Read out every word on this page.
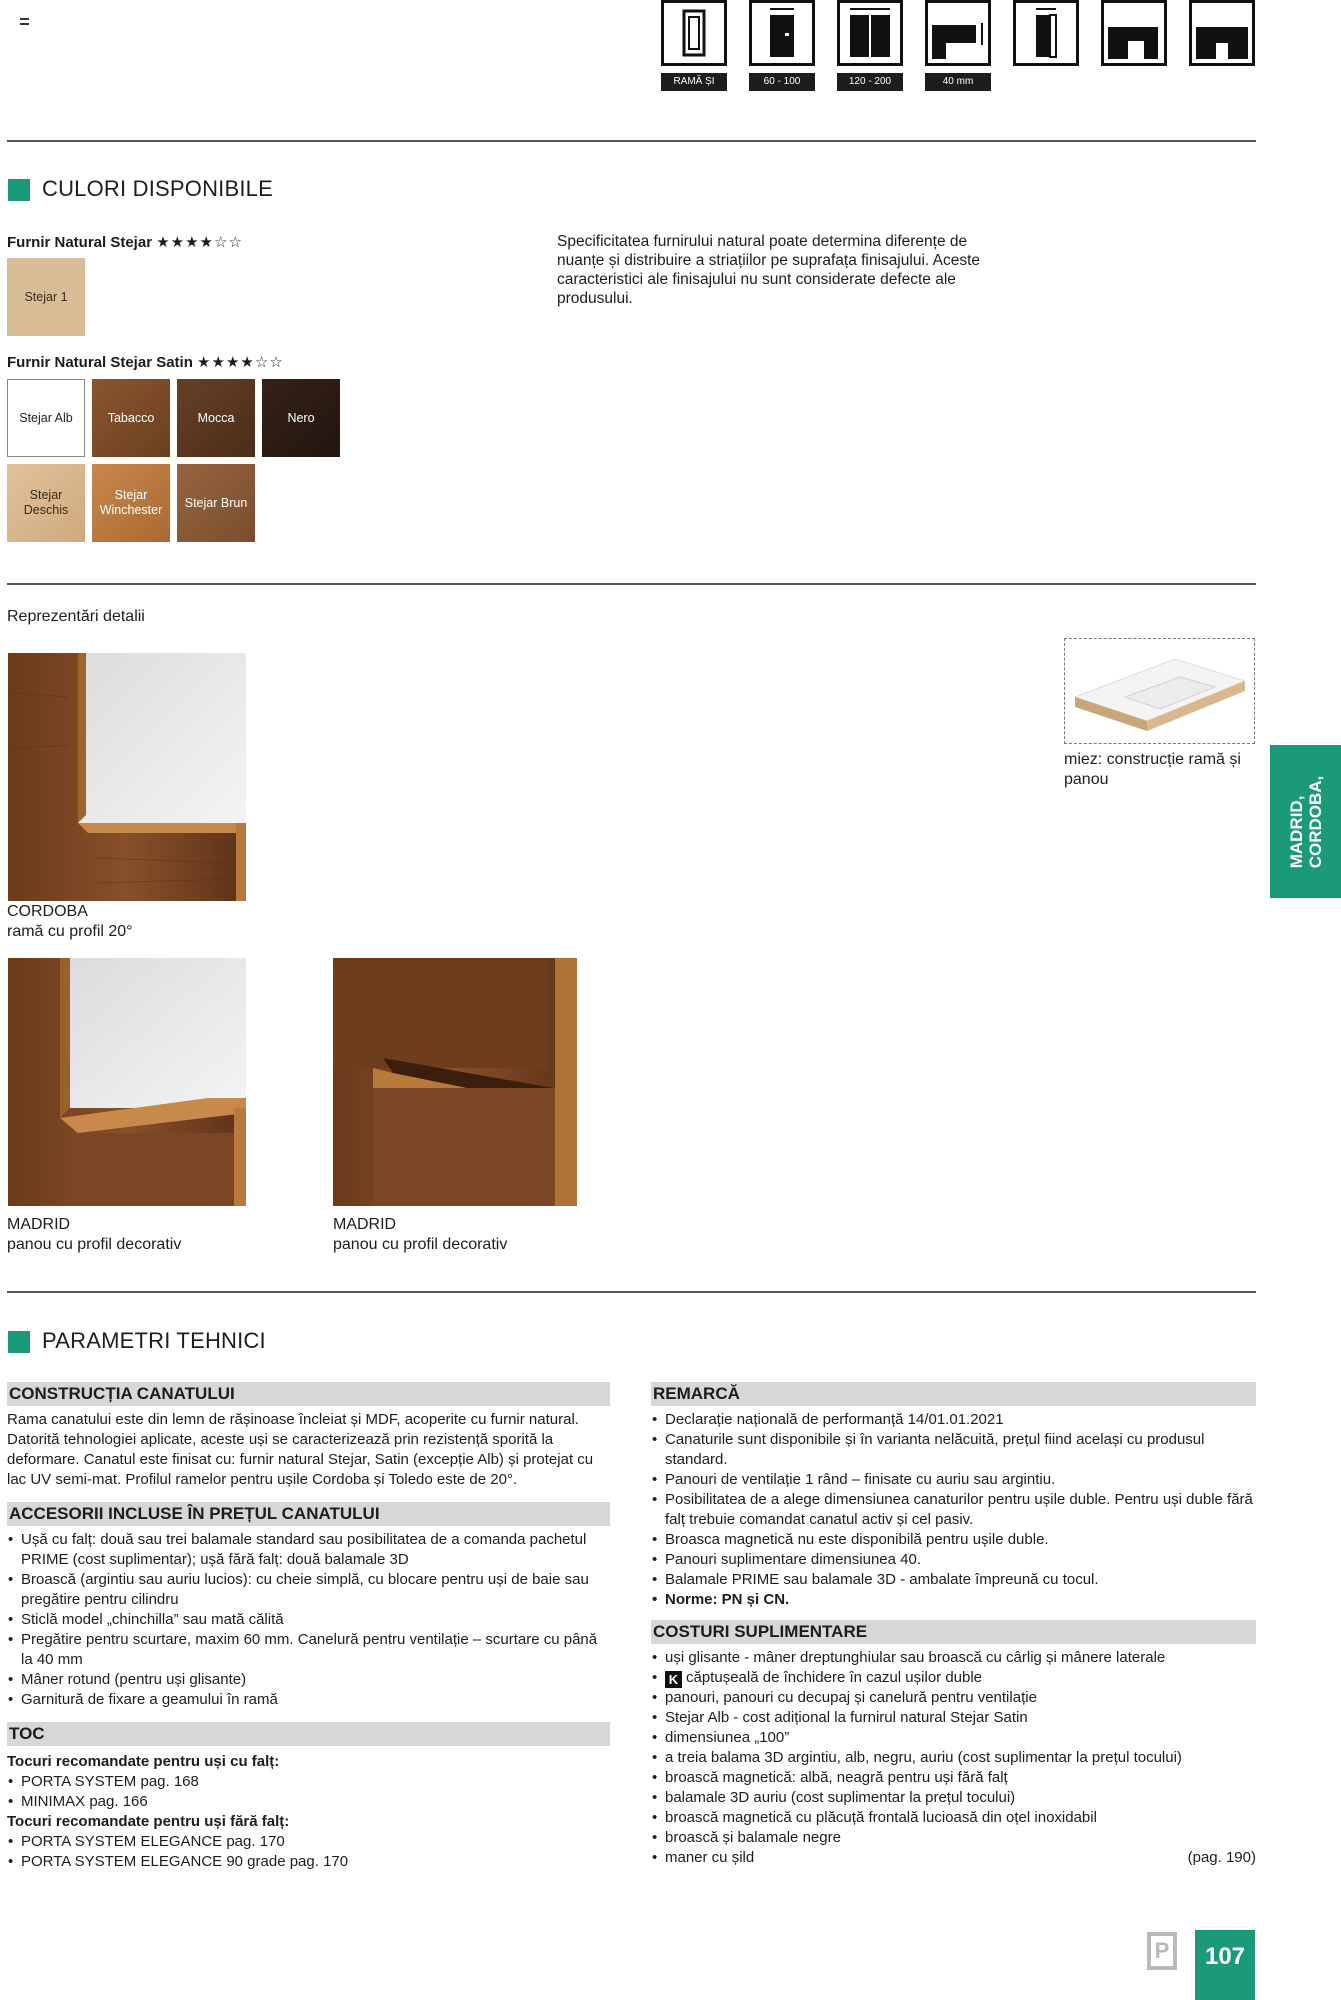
RAMĂ ȘI PANOU
60 - 100	120 - 200	40 mm
CULORI DISPONIBILE
Furnir Natural Stejar ★★★★☆☆
Stejar 1
Specificitatea furnirului natural poate determina diferențe de nuanțe și distribuire a striațiilor pe suprafața finisajului. Aceste caracteristici ale finisajului nu sunt considerate defecte ale produsului.
Furnir Natural Stejar Satin ★★★★☆☆
Stejar Alb	Tabacco	Mocca	Nero
Stejar Deschis
Stejar Winchester
Stejar Brun
Reprezentări detalii
CORDOBA
ramă cu profil 20°
MADRID
panou cu profil decorativ
MADRID
panou cu profil decorativ
miez: construcție ramă și panou
MADRID, CORDOBA,
PARAMETRI TEHNICI
CONSTRUCȚIA CANATULUI
Rama canatului este din lemn de rășinoase încleiat și MDF, acoperite cu furnir natural. Datorită tehnologiei aplicate, aceste uși se caracterizează prin rezistență sporită la deformare. Canatul este finisat cu: furnir natural Stejar, Satin (excepție Alb) și protejat cu lac UV semi-mat. Profilul ramelor pentru ușile Cordoba și Toledo este de 20°.
ACCESORII INCLUSE ÎN PREȚUL CANATULUI
• Ușă cu falț: două sau trei balamale standard sau posibilitatea de a comanda pachetul PRIME (cost suplimentar); ușă fără falț: două balamale 3D
• Broască (argintiu sau auriu lucios): cu cheie simplă, cu blocare pentru uși de baie sau pregătire pentru cilindru
• Sticlă model „chinchilla” sau mată călită
• Pregătire pentru scurtare, maxim 60 mm. Canelură pentru ventilație – scurtare cu până la 40 mm
• Mâner rotund (pentru uși glisante)
• Garnitură de fixare a geamului în ramă
TOC
Tocuri recomandate pentru uși cu falț:
• PORTA SYSTEM pag. 168
• MINIMAX pag. 166
Tocuri recomandate pentru uși fără falț:
• PORTA SYSTEM ELEGANCE pag. 170
• PORTA SYSTEM ELEGANCE 90 grade pag. 170
REMARCĂ
• Declarație națională de performanță 14/01.01.2021
• Canaturile sunt disponibile și în varianta nelăcuită, prețul fiind același cu produsul standard.
• Panouri de ventilație 1 rând – finisate cu auriu sau argintiu.
• Posibilitatea de a alege dimensiunea canaturilor pentru ușile duble. Pentru uși duble fără falț trebuie comandat canatul activ și cel pasiv.
• Broasca magnetică nu este disponibilă pentru ușile duble.
• Panouri suplimentare dimensiunea 40.
• Balamale PRIME sau balamale 3D - ambalate împreună cu tocul.
• Norme: PN și CN.
COSTURI SUPLIMENTARE
• uși glisante - mâner dreptunghiular sau broască cu cârlig și mânere laterale
• K căptușeală de închidere în cazul ușilor duble
• panouri, panouri cu decupaj și canelură pentru ventilație
• Stejar Alb - cost adițional la furnirul natural Stejar Satin
• dimensiunea „100”
• a treia balama 3D argintiu, alb, negru, auriu (cost suplimentar la prețul tocului)
• broască magnetică: albă, neagră pentru uși fără falț
• balamale 3D auriu (cost suplimentar la prețul tocului)
• broască magnetică cu plăcuță frontală lucioasă din oțel inoxidabil
• broască și balamale negre
• maner cu șild	(pag. 190)
P	107
